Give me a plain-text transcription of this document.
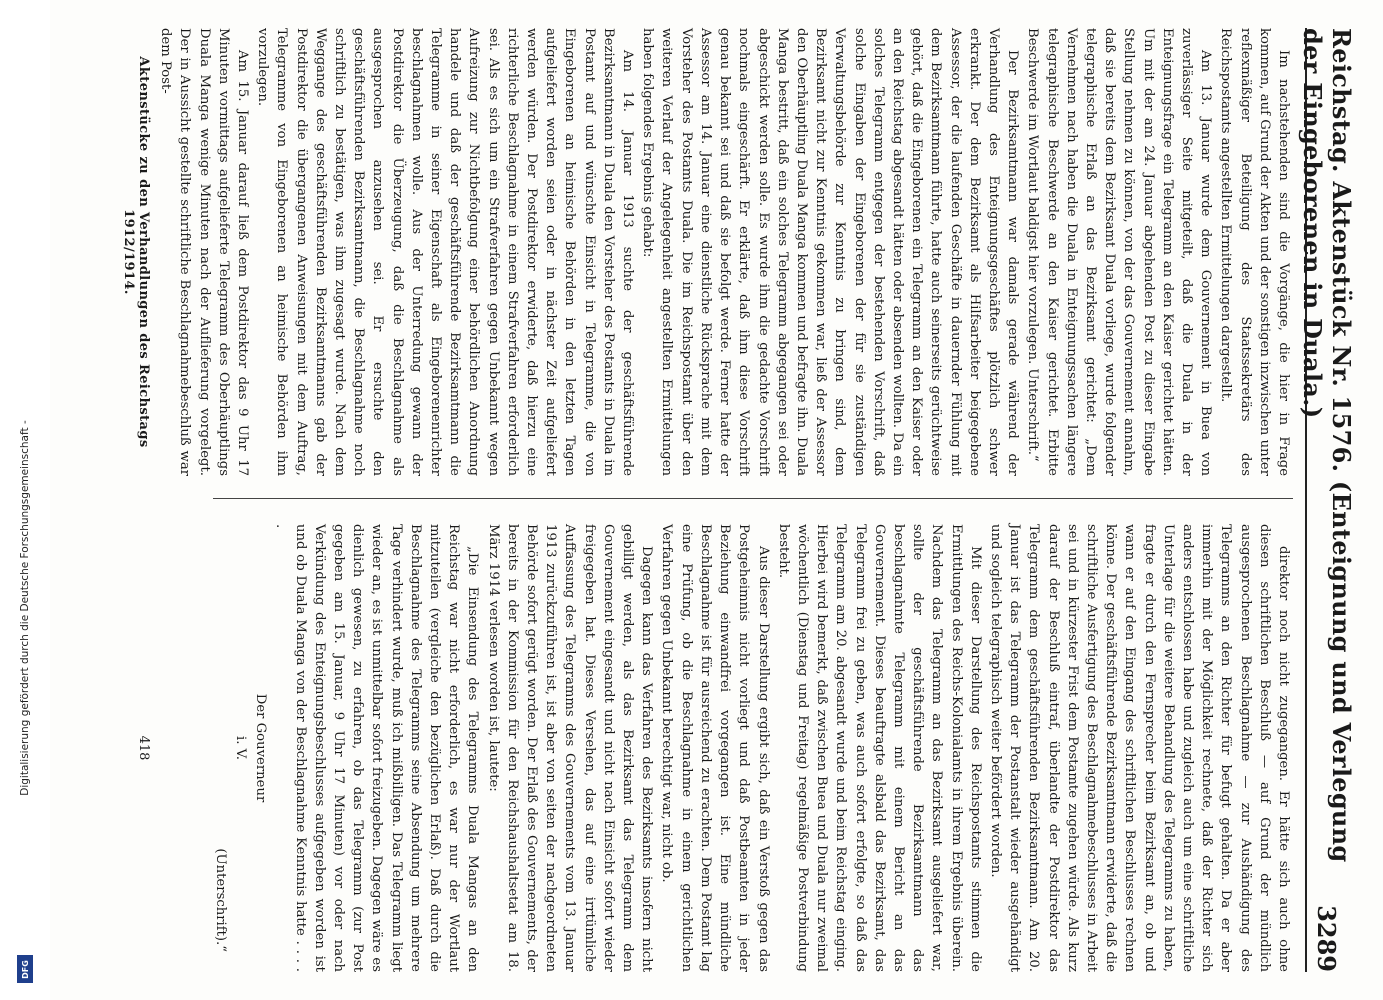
Digitalisierung gefördert durch die Deutsche Forschungsgemeinschaft -
DFG
Reichstag. Aktenstück Nr. 1576. (Enteignung und Verlegung der Eingeborenen in Duala.)
3289

Im nachstehenden sind die Vorgänge, die hier in Frage kommen, auf Grund der Akten und der sonstigen inzwischen unter reflexmäßiger Beteiligung des Staatssekretärs des Reichspostamts angestellten Ermittelungen dargestellt.

Am 13. Januar wurde dem Gouvernement in Buea von zuverlässiger Seite mitgeteilt, daß die Duala in der Enteignungsfrage ein Telegramm an den Kaiser gerichtet hätten. Um mit der am 24. Januar abgehenden Post zu dieser Eingabe Stellung nehmen zu können, von der das Gouvernement annahm, daß sie bereits dem Bezirksamt Duala vorliege, wurde folgender telegraphische Erlaß an das Bezirksamt gerichtet: „Dem Vernehmen nach haben die Duala in Enteignungssachen längere telegraphische Beschwerde an den Kaiser gerichtet. Erbitte Beschwerde im Wortlaut baldigst hier vorzulegen. Unterschrift.“

Der Bezirksamtmann war damals gerade während der Verhandlung des Enteignungsgeschäftes plötzlich schwer erkrankt. Der dem Bezirksamt als Hilfsarbeiter beigegebene Assessor, der die laufenden Geschäfte in dauernder Fühlung mit dem Bezirksamtmann führte, hatte auch seinerseits gerüchtweise gehört, daß die Eingeborenen ein Telegramm an den Kaiser oder an den Reichstag abgesandt hätten oder absenden wollten. Da ein solches Telegramm entgegen der bestehenden Vorschrift, daß solche Eingaben der Eingeborenen der für sie zuständigen Verwaltungsbehörde zur Kenntnis zu bringen sind, dem Bezirksamt nicht zur Kenntnis gekommen war, ließ der Assessor den Oberhäuptling Duala Manga kommen und befragte ihn. Duala Manga bestritt, daß ein solches Telegramm abgegangen sei oder abgeschickt werden solle. Es wurde ihm die gedachte Vorschrift nochmals eingeschärft. Er erklärte, daß ihm diese Vorschrift genau bekannt sei und daß sie befolgt werde. Ferner hatte der Assessor am 14. Januar eine dienstliche Rücksprache mit dem Vorsteher des Postamts Duala. Die im Reichspostamt über den weiteren Verlauf der Angelegenheit angestellten Ermittelungen haben folgendes Ergebnis gehabt:

Am 14. Januar 1913 suchte der geschäftsführende Bezirksamtmann in Duala den Vorsteher des Postamts in Duala im Postamt auf und wünschte Einsicht in Telegramme, die von Eingeborenen an heimische Behörden in den letzten Tagen aufgeliefert worden seien oder in nächster Zeit aufgeliefert werden würden. Der Postdirektor erwiderte, daß hierzu eine richterliche Beschlagnahme in einem Strafverfahren erforderlich sei. Als es sich um ein Strafverfahren gegen Unbekannt wegen Aufreizung zur Nichtbefolgung einer behördlichen Anordnung handele und daß der geschäftsführende Bezirksamtmann die Telegramme in seiner Eigenschaft als Eingeborenenrichter beschlagnahmen wolle. Aus der Unterredung gewann der Postdirektor die Überzeugung, daß die Beschlagnahme als ausgesprochen anzusehen sei. Er ersuchte den geschäftsführenden Bezirksamtmann, die Beschlagnahme noch schriftlich zu bestätigen, was ihm zugesagt wurde. Nach dem Weggange des geschäftsführenden Bezirksamtmanns gab der Postdirektor die übergangenen Anweisungen mit dem Auftrag, Telegramme von Eingeborenen an heimische Behörden ihm vorzulegen.

Am 15. Januar darauf ließ dem Postdirektor das 9 Uhr 17 Minuten vormittags aufgelieferte Telegramm des Oberhäuptlings Duala Manga wenige Minuten nach der Auflieferung vorgelegt. Der in Aussicht gestellte schriftliche Beschlagnahmebeschluß war dem Post-

direktor noch nicht zugegangen. Er hätte sich auch ohne diesen schriftlichen Beschluß — auf Grund der mündlich ausgesprochenen Beschlagnahme — zur Aushändigung des Telegramms an den Richter für befugt gehalten. Da er aber immerhin mit der Möglichkeit rechnete, daß der Richter sich anders entschlossen habe und zugleich auch um eine schriftliche Unterlage für die weitere Behandlung des Telegramms zu haben, fragte er durch den Fernsprecher beim Bezirksamt an, ob und wann er auf den Eingang des schriftlichen Beschlusses rechnen könne. Der geschäftsführende Bezirksamtmann erwiderte, daß die schriftliche Ausfertigung des Beschlagnahmebeschlusses in Arbeit sei und in kürzester Frist dem Postamte zugehen würde. Als kurz darauf der Beschluß eintraf, überlandte der Postdirektor das Telegramm dem geschäftsführenden Bezirksamtmann. Am 20. Januar ist das Telegramm der Postanstalt wieder ausgehändigt und sogleich telegraphisch weiter befördert worden.

Mit dieser Darstellung des Reichspostamts stimmen die Ermittlungen des Reichs-Kolonialamts in ihrem Ergebnis überein. Nachdem das Telegramm an das Bezirksamt ausgeliefert war, sollte der geschäftsführende Bezirksamtmann das beschlagnahmte Telegramm mit einem Bericht an das Gouvernement. Dieses beauftragte alsbald das Bezirksamt, das Telegramm frei zu geben, was auch sofort erfolgte, so daß das Telegramm am 20. abgesandt wurde und beim Reichstag einging. Hierbei wird bemerkt, daß zwischen Buea und Duala nur zweimal wöchentlich (Dienstag und Freitag) regelmäßige Postverbindung besteht.

Aus dieser Darstellung ergibt sich, daß ein Verstoß gegen das Postgeheimnis nicht vorliegt und daß Postbeamten in jeder Beziehung einwandfrei vorgegangen ist. Eine mündliche Beschlagnahme ist für ausreichend zu erachten. Dem Postamt lag eine Prüfung, ob die Beschlagnahme in einem gerichtlichen Verfahren gegen Unbekannt berechtigt war, nicht ob.

Dagegen kann das Verfahren des Bezirksamts insofern nicht gebilligt werden, als das Bezirksamt das Telegramm dem Gouvernement eingesandt und nicht nach Einsicht sofort wieder freigegeben hat. Dieses Versehen, das auf eine irrtümliche Auffassung des Telegramms des Gouvernements vom 13. Januar 1913 zurückzuführen ist, ist aber von seiten der nachgeordneten Behörde sofort gerügt worden. Der Erlaß des Gouvernements, der bereits in der Kommission für den Reichshaushaltsetat am 18. März 1914 verlesen worden ist, lautete:

„Die Einsendung des Telegramms Duala Mangas an den Reichstag war nicht erforderlich, es war nur der Wortlaut mitzuteilen (vergleiche den bezüglichen Erlaß). Daß durch die Beschlagnahme des Telegramms seine Absendung um mehrere Tage verhindert wurde, muß ich mißbilligen. Das Telegramm liegt wieder an, es ist unmittelbar sofort freizugeben. Dagegen wäre es dienlich gewesen, zu erfahren, ob das Telegramm (zur Post gegeben am 15. Januar, 9 Uhr 17 Minuten) vor oder nach Verkündung des Enteignungsbeschlusses aufgegeben worden ist und ob Duala Manga von der Beschlagnahme Kenntnis hatte . . . . .

Der Gouverneur

i. V.

(Unterschrift).“

Aktenstücke zu den Verhandlungen des Reichstags 1912/1914.
418
